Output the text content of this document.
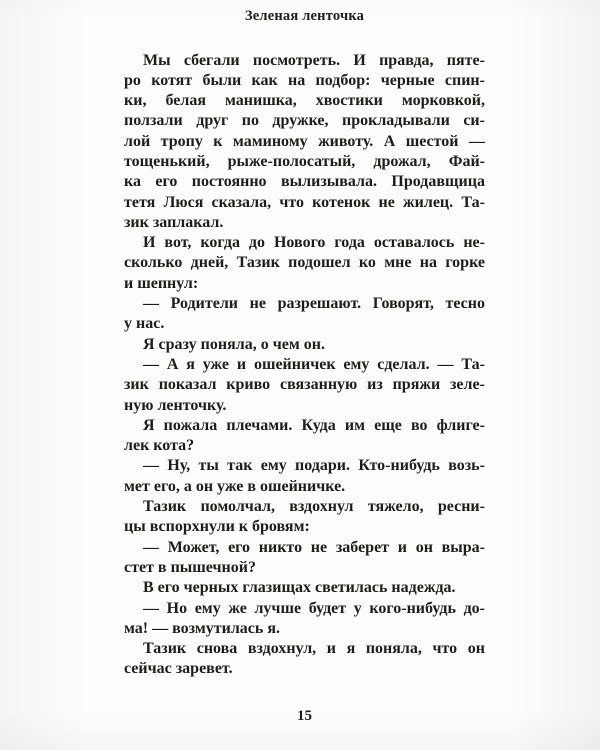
Зеленая ленточка
Мы сбегали посмотреть. И правда, пяте-
ро котят были как на подбор: черные спин-
ки, белая манишка, хвостики морковкой,
ползали друг по дружке, прокладывали си-
лой тропу к маминому животу. А шестой —
тощенький, рыже-полосатый, дрожал, Фай-
ка его постоянно вылизывала. Продавщица
тетя Люся сказала, что котенок не жилец. Та-
зик заплакал.
И вот, когда до Нового года оставалось не-
сколько дней, Тазик подошел ко мне на горке
и шепнул:
— Родители не разрешают. Говорят, тесно
у нас.
Я сразу поняла, о чем он.
— А я уже и ошейничек ему сделал. — Та-
зик показал криво связанную из пряжи зеле-
ную ленточку.
Я пожала плечами. Куда им еще во флиге-
лек кота?
— Ну, ты так ему подари. Кто-нибудь возь-
мет его, а он уже в ошейничке.
Тазик помолчал, вздохнул тяжело, ресни-
цы вспорхнули к бровям:
— Может, его никто не заберет и он выра-
стет в пышечной?
В его черных глазищах светилась надежда.
— Но ему же лучше будет у кого-нибудь до-
ма! — возмутилась я.
Тазик снова вздохнул, и я поняла, что он
сейчас заревет.
15
